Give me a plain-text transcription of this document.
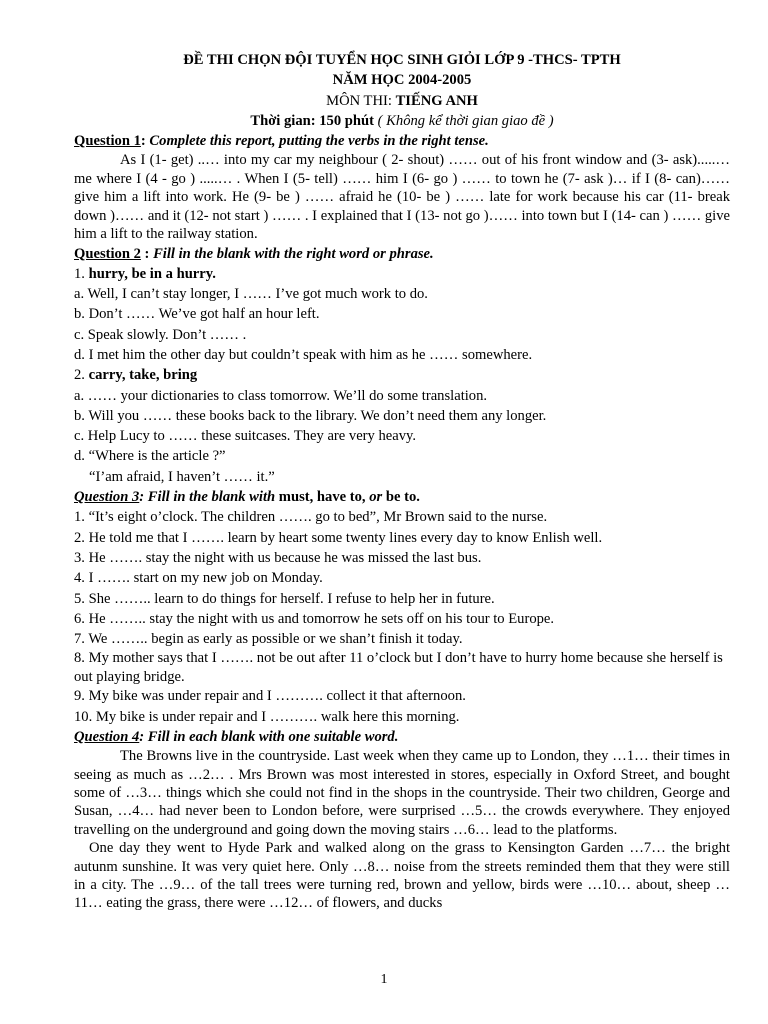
ĐỀ THI CHỌN ĐỘI TUYỂN HỌC SINH GIỎI LỚP 9 -THCS- TPTH

NĂM HỌC 2004-2005

MÔN THI: TIẾNG ANH

Thời gian: 150 phút ( Không kể thời gian giao đề )

Question 1: Complete this report, putting the verbs in the right tense.

As I (1- get) ..… into my car my neighbour ( 2- shout) …… out of his front window and (3- ask).....… me where I (4 - go ) .....… . When I (5- tell) …… him I (6- go ) …… to town he (7- ask )… if I (8- can)…… give him a lift into work. He (9- be ) …… afraid he (10- be ) …… late for work because his car (11- break down )…… and it (12- not start ) …… . I explained that I (13- not go )…… into town but I (14- can ) …… give him a lift to the railway station.

Question 2 : Fill in the blank with the right word or phrase.

1. hurry, be in a hurry.

a. Well, I can’t stay longer, I …… I’ve got much work to do.

b. Don’t …… We’ve got half an hour left.

c. Speak slowly. Don’t …… .

d. I met him the other day but couldn’t speak with him as he …… somewhere.

2. carry, take, bring

a. …… your dictionaries to class tomorrow. We’ll do some translation.

b. Will you …… these books back to the library. We don’t need them any longer.

c. Help Lucy to …… these suitcases. They are very heavy.

d. “Where is the article ?”

“I’am afraid, I haven’t …… it.”

Question 3: Fill in the blank with must, have to, or be to.

1. “It’s eight o’clock. The children ……. go to bed”, Mr Brown said to the nurse.

2. He told me that I ……. learn by heart some twenty lines every day to know Enlish well.

3. He ……. stay the night with us because he was missed the last bus.

4. I ……. start on my new job on Monday.

5. She …….. learn to do things for herself. I refuse to help her in future.

6. He …….. stay the night with us and tomorrow he sets off on his tour to Europe.

7. We …….. begin as early as possible or we shan’t finish it today.

8. My mother says that I ……. not be out after 11 o’clock but I don’t have to hurry home because she herself is out playing bridge.

9. My bike was under repair and I ………. collect it that afternoon.

10. My bike is under repair and I ………. walk here this morning.

Question 4: Fill in each blank with one suitable word.

The Browns live in the countryside. Last week when they came up to London, they …1… their times in seeing as much as …2… . Mrs Brown was most interested in stores, especially in Oxford Street, and bought some of …3… things which she could not find in the shops in the countryside. Their two children, George and Susan, …4… had never been to London before, were surprised …5… the crowds everywhere. They enjoyed travelling on the underground and going down the moving stairs …6… lead to the platforms.

One day they went to Hyde Park and walked along on the grass to Kensington Garden …7… the bright autunm sunshine. It was very quiet here. Only …8… noise from the streets reminded them that they were still in a city. The …9… of the tall trees were turning red, brown and yellow, birds were …10… about, sheep …11… eating the grass, there were …12… of flowers, and ducks

1
